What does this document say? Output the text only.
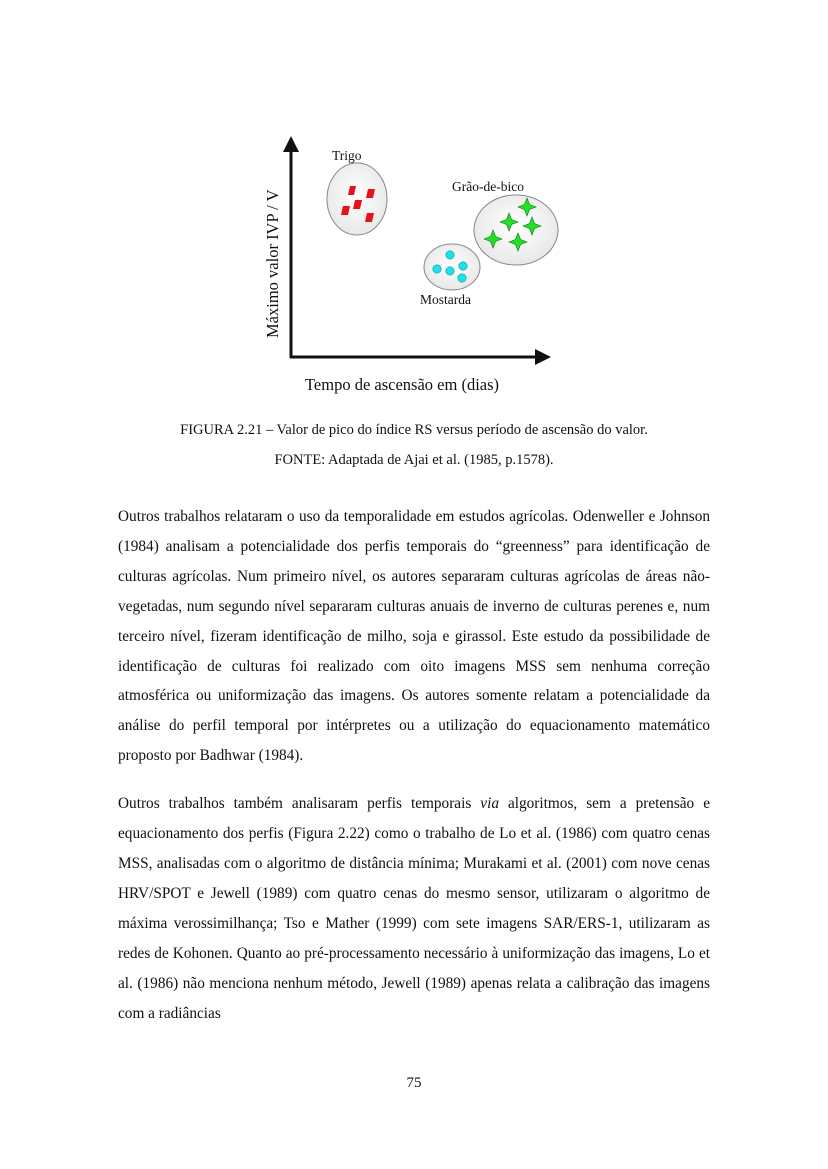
Máximo valor IVP / V
Tempo de ascensão em (dias)
Trigo
Grão-de-bico
Mostarda
FIGURA 2.21 – Valor de pico do índice RS versus período de ascensão do valor.
FONTE: Adaptada de Ajai et al. (1985, p.1578).

Outros trabalhos relataram o uso da temporalidade em estudos agrícolas. Odenweller e Johnson (1984) analisam a potencialidade dos perfis temporais do “greenness” para identificação de culturas agrícolas. Num primeiro nível, os autores separaram culturas agrícolas de áreas não-vegetadas, num segundo nível separaram culturas anuais de inverno de culturas perenes e, num terceiro nível, fizeram identificação de milho, soja e girassol. Este estudo da possibilidade de identificação de culturas foi realizado com oito imagens MSS sem nenhuma correção atmosférica ou uniformização das imagens. Os autores somente relatam a potencialidade da análise do perfil temporal por intérpretes ou a utilização do equacionamento matemático proposto por Badhwar (1984).

Outros trabalhos também analisaram perfis temporais via algoritmos, sem a pretensão e equacionamento dos perfis (Figura 2.22) como o trabalho de Lo et al. (1986) com quatro cenas MSS, analisadas com o algoritmo de distância mínima; Murakami et al. (2001) com nove cenas HRV/SPOT e Jewell (1989) com quatro cenas do mesmo sensor, utilizaram o algoritmo de máxima verossimilhança; Tso e Mather (1999) com sete imagens SAR/ERS-1, utilizaram as redes de Kohonen. Quanto ao pré-processamento necessário à uniformização das imagens, Lo et al. (1986) não menciona nenhum método, Jewell (1989) apenas relata a calibração das imagens com a radiâncias

75
